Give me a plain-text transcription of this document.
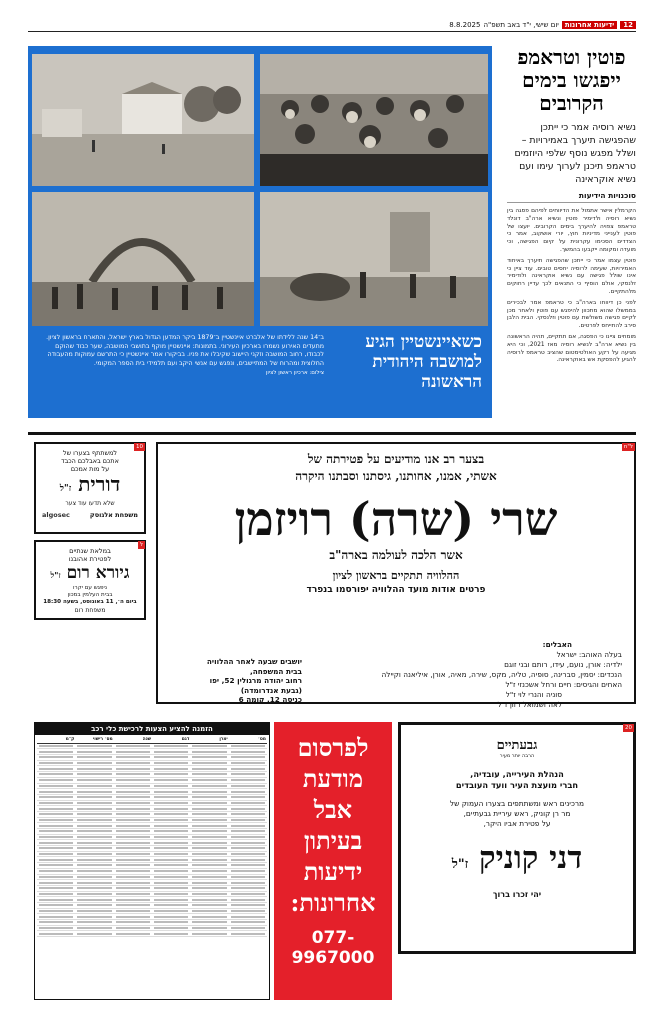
12
ידיעות אחרונות
יום שישי, י"ד באב תשפ"ה
8.8.2025
פוטין וטראמפ ייפגשו בימים הקרובים
נשיא רוסיה אמר כי ייתכן שהפגישה תיערך באמירויות – ושלל מפגש נוסף שלפי היוזמים טראמפ תיכנן לערוך עימו ועם נשיא אוקראינה
סוכנויות הידיעות

הקרמלין אישר אתמול את הדיווחים לפיהם פסגה בין נשיא רוסיה ולדימיר פוטין ונשיא ארה"ב דונלד טראמפ צפויה להיערך בימים הקרובים. יועצו של פוטין לענייני מדיניות חוץ, יורי אושקוב, אמר כי הצדדים הסכימו עקרונית על קיום הפגישה, וכי מועדה ומקומה ייקבעו בהמשך.

פוטין עצמו אמר כי ייתכן שהפגישה תיערך באיחוד האמירויות, שעימה לרוסיה יחסים טובים. עוד ציין כי אינו שולל פגישה עם נשיא אוקראינה ולודימיר זלנסקי, אולם הוסיף כי התנאים לכך עדיין רחוקים מלהתקיים.

לפני כן דיווחו בארה"ב כי טראמפ אמר לבכירים בממשלו שהוא מתכוון להיפגש עם פוטין ולאחר מכן לקיים פגישה משולשת עם פוטין וזלנסקי. הבית הלבן סירב להתייחס לפרטים.

מומחים ציינו כי הפסגה, אם תתקיים, תהיה הראשונה בין נשיא ארה"ב לנשיא רוסיה מאז 2021, וכי היא מגיעה על רקע האולטימטום שהציב טראמפ לרוסיה להגיע להפסקת אש באוקראינה.

כשאיינשטיין הגיע למושבה היהודית הראשונה
ב־14 שנה ללידתו של אלברט איינשטיין ב־1879 ביקר המדען הגדול בארץ ישראל, והתארח בראשון לציון. מתעדים האירוע נשמרו בארכיון העירוני. בתמונות: איינשטיין מוקף בתושבי המושבה, שער כבוד שהוקם לכבודו, רחוב המושבה וזקני היישוב שקיבלו את פניו. בביקורו אמר איינשטיין כי התרשם עמוקות מהעבודה החלוצית ומהרוח של המתיישבים, ונפגש עם אנשי היקב ועם תלמידי בית הספר המקומי.
צילום: ארכיון ראשון לציון
ל"ח
בצער רב אנו מודיעים על פטירתה של
אשתי, אמנו, אחותנו, גיסתנו וסבתנו היקרה
שרי (שרה) רויזמן
אשר הלכה לעולמה בארה"ב
ההלוויה תתקיים בראשון לציון
פרטים אודות מועד ההלוויה יפורסמו בנפרד
האבלים:
בעלה האוהב: ישראל
ילדיה: אורן, נועם, עידו, רותם ובני זוגם
הנכדים: יסמין, סברינה, סופיה, טליה, מקס, שירה, מאיה, אורן, איליאנה וקיילה
האחים והגיסים: חיים ורחל אשכנזי ז"ל
סוניה והנרי לוי ז"ל
לאה ושמואל רזון ז"ל
יושבים שבעה לאחר ההלוויה
בבית המשפחה,
רחוב יהודה מרגולין 52, יפו
(גבעת אנדרומדה)
כניסה 12, קומה 6
10
למשתתף בצערו של
אתכם באבלכם הכבד
על מות אמכם
דורית ז"ל
שלא תדעו עוד צער
משפחת אלגוסק
algosec
ל
במלאת שנתיים
לפטירת אהובנו
גיורא רום ז"ל
ניפגש עם יקרו
בבית העלמין במכון
ביום ה׳, 11 באוגוסט, בשעה 18:30
משפחת רום
הזמנה להציע הצעות לרכישת כלי רכב
מס׳
יצרן
דגם
שנה
מס׳ רישוי
ק"מ	לפרסום
מודעת
אבל
בעיתון
ידיעות
אחרונות:
077-9967000
20
גבעתיים
הרבה יותר מעיר
הנהלת העירייה, עובדיה,
חברי מועצת העיר וועד העובדים
מרכינים ראש ומשתתפים בצערו העמוק של
מר רן קוניק, ראש עיריית גבעתיים,
על פטירת אביו היקר,
דני קוניק ז"ל
יהי זכרו ברוך
